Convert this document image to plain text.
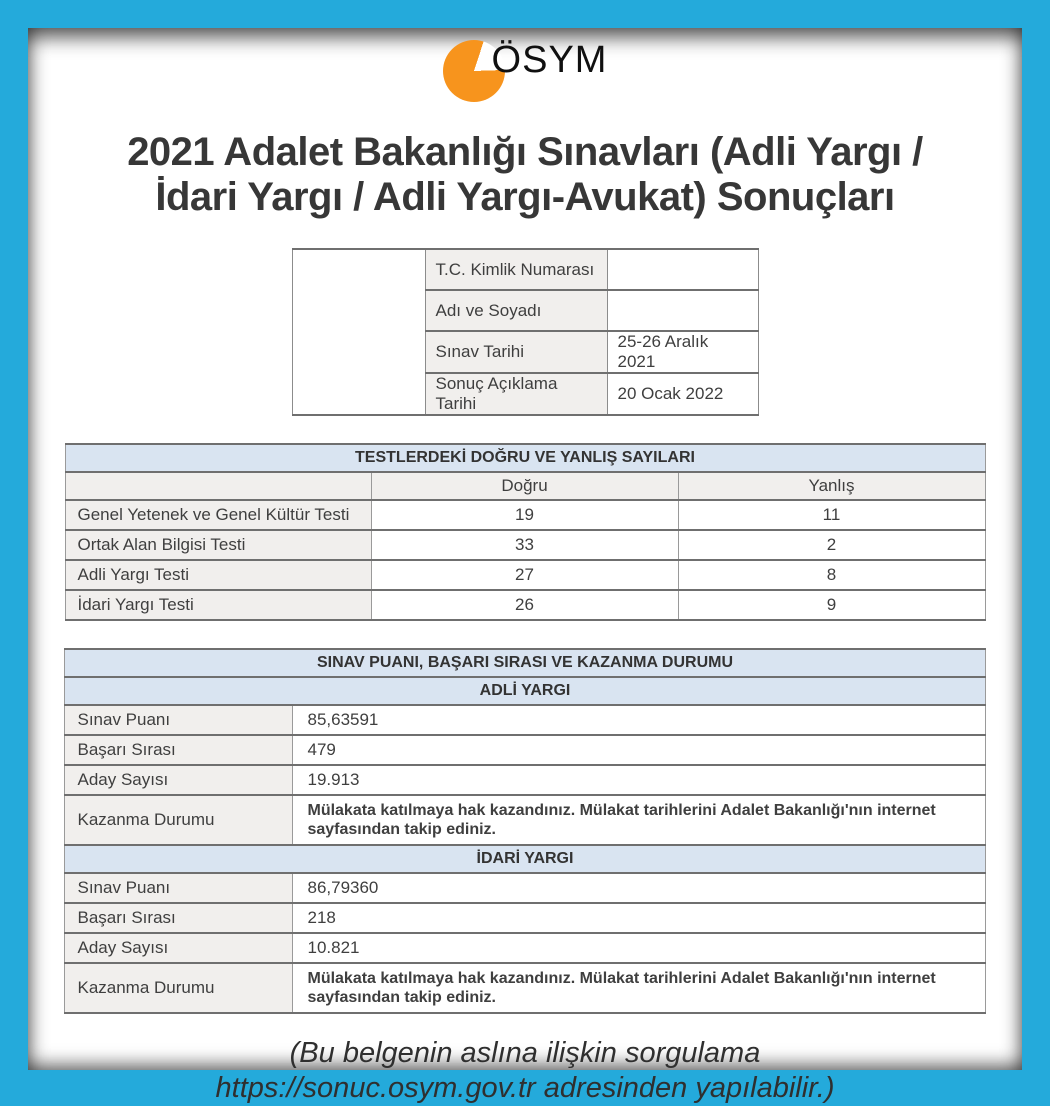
ÖSYM
2021 Adalet Bakanlığı Sınavları (Adli Yargı /
İdari Yargı / Adli Yargı-Avukat) Sonuçları
	T.C. Kimlik Numarası	
	Adı ve Soyadı	
	Sınav Tarihi	25-26 Aralık 2021
	Sonuç Açıklama Tarihi	20 Ocak 2022
TESTLERDEKİ DOĞRU VE YANLIŞ SAYILARI		
	Doğru	Yanlış
Genel Yetenek ve Genel Kültür Testi	19	11
Ortak Alan Bilgisi Testi	33	2
Adli Yargı Testi	27	8
İdari Yargı Testi	26	9
SINAV PUANI, BAŞARI SIRASI VE KAZANMA DURUMU	
ADLİ YARGI	
Sınav Puanı	85,63591
Başarı Sırası	479
Aday Sayısı	19.913
Kazanma Durumu	Mülakata katılmaya hak kazandınız. Mülakat tarihlerini Adalet Bakanlığı'nın internet sayfasından takip ediniz.
İDARİ YARGI	
Sınav Puanı	86,79360
Başarı Sırası	218
Aday Sayısı	10.821
Kazanma Durumu	Mülakata katılmaya hak kazandınız. Mülakat tarihlerini Adalet Bakanlığı'nın internet sayfasından takip ediniz.
(Bu belgenin aslına ilişkin sorgulama
https://sonuc.osym.gov.tr adresinden yapılabilir.)
